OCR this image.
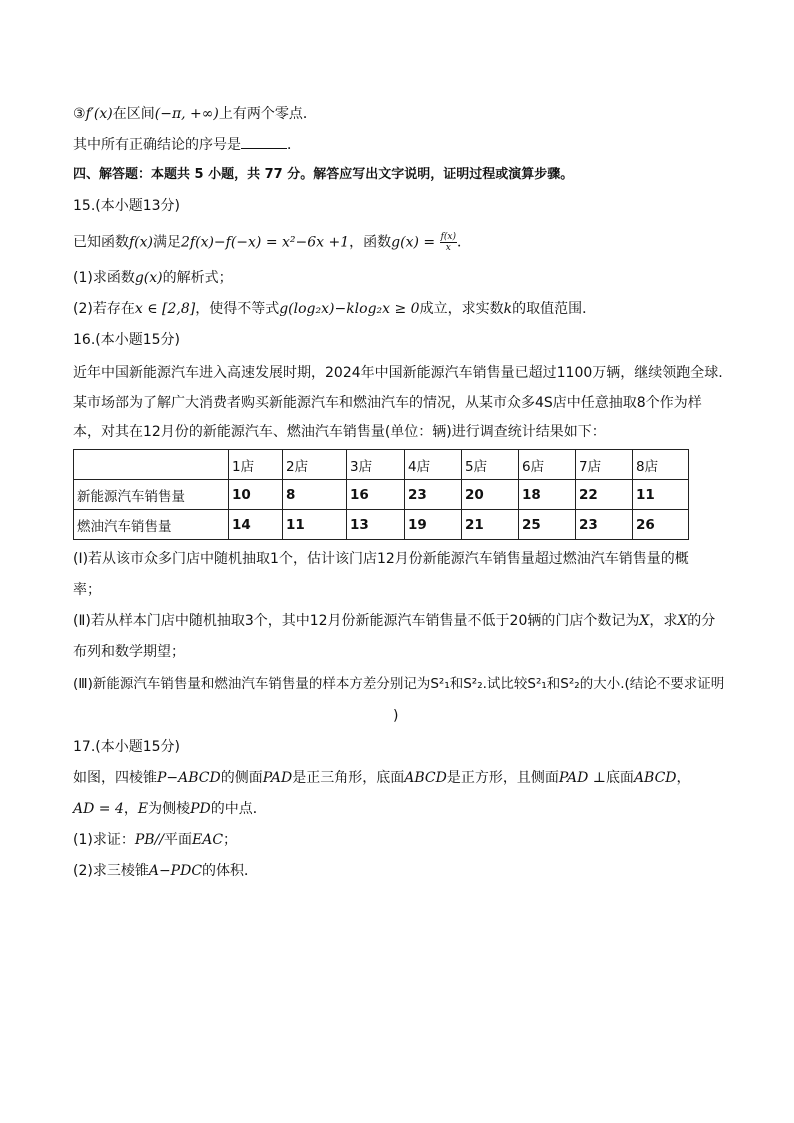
③f′(x)在区间(−π, +∞)上有两个零点．
其中所有正确结论的序号是	．
四、解答题：本题共 5 小题，共 77 分。解答应写出文字说明，证明过程或演算步骤。
15.(本小题13分)
已知函数f(x)满足2f(x)−f(−x) = x²−6x +1，函数$g(x) = \frac{f(x)}{x}$ ．
(1)求函数g(x)的解析式；
(2)若存在x ∈ [2,8]，使得不等式g(log₂x)−klog₂x ≥ 0成立，求实数k的取值范围．
16.(本小题15分)
近年中国新能源汽车进入高速发展时期，2024年中国新能源汽车销售量已超过1100万辆，继续领跑全球.
某市场部为了解广大消费者购买新能源汽车和燃油汽车的情况，从某市众多4S店中任意抽取8个作为样
本，对其在12月份的新能源汽车、燃油汽车销售量(单位：辆)进行调查统计结果如下：
	1店	2店	3店	4店	5店	6店	7店	8店
新能源汽车销售量	10	8	16	23	20	18	22	11
燃油汽车销售量	14	11	13	19	21	25	23	26
(Ⅰ)若从该市众多门店中随机抽取1个，估计该门店12月份新能源汽车销售量超过燃油汽车销售量的概
率；
(Ⅱ)若从样本门店中随机抽取3个，其中12月份新能源汽车销售量不低于20辆的门店个数记为X，求X的分
布列和数学期望；
(Ⅲ)新能源汽车销售量和燃油汽车销售量的样本方差分别记为S²₁和S²₂.试比较S²₁和S²₂的大小.(结论不要求证明
)
17.(本小题15分)
如图，四棱锥P−ABCD的侧面PAD是正三角形，底面ABCD是正方形，且侧面PAD ⊥底面ABCD，
AD = 4，E为侧棱PD的中点．
(1)求证：PB//平面EAC；
(2)求三棱锥A−PDC的体积．
